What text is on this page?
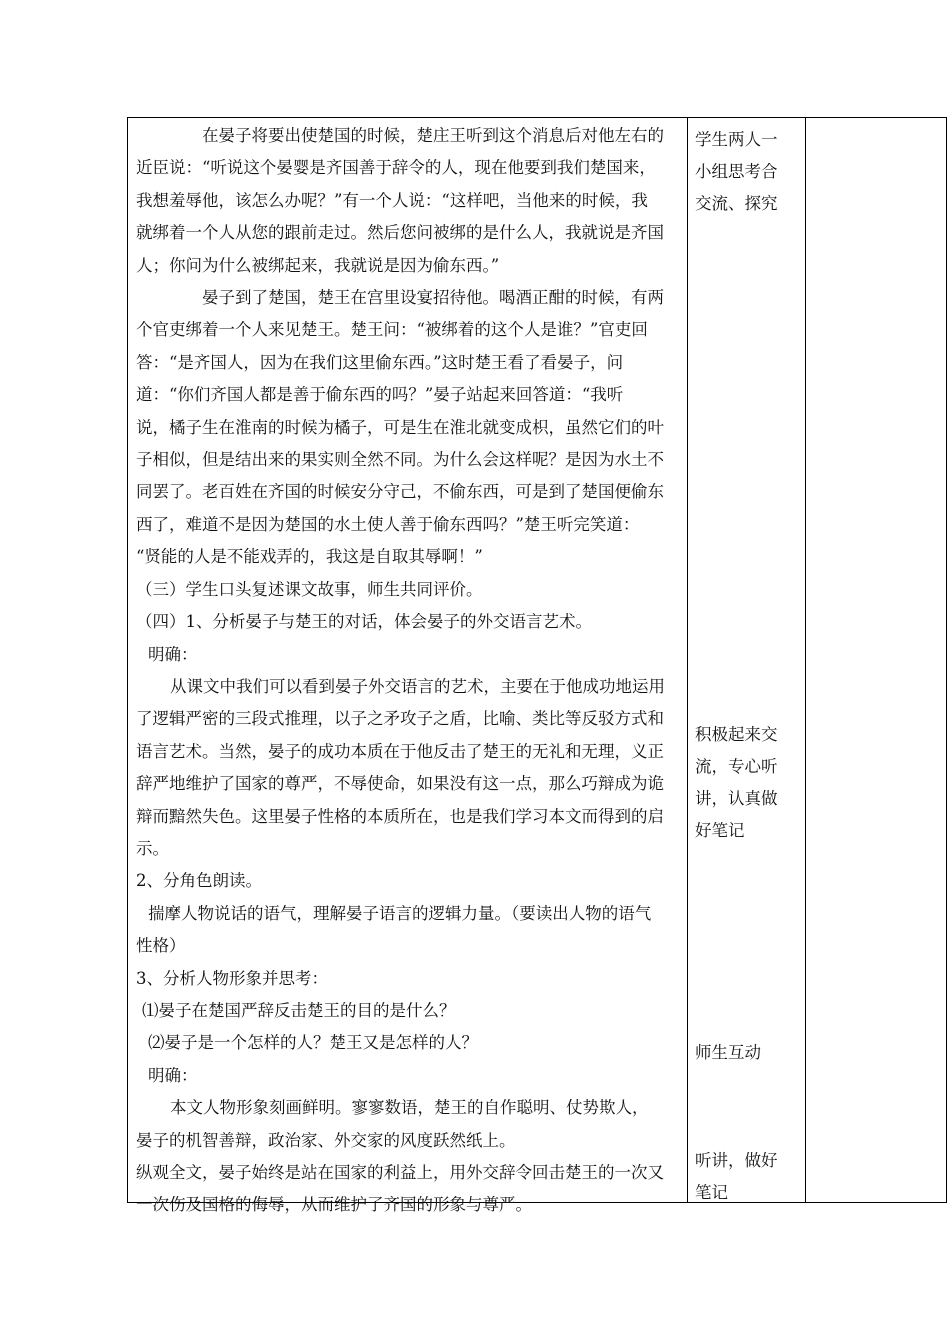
在晏子将要出使楚国的时候，楚庄王听到这个消息后对他左右的

近臣说：“听说这个晏婴是齐国善于辞令的人，现在他要到我们楚国来，

我想羞辱他，该怎么办呢？”有一个人说：“这样吧，当他来的时候，我

就绑着一个人从您的跟前走过。然后您问被绑的是什么人，我就说是齐国

人；你问为什么被绑起来，我就说是因为偷东西。”

晏子到了楚国，楚王在宫里设宴招待他。喝酒正酣的时候，有两

个官吏绑着一个人来见楚王。楚王问：“被绑着的这个人是谁？”官吏回

答：“是齐国人，因为在我们这里偷东西。”这时楚王看了看晏子，问

道：“你们齐国人都是善于偷东西的吗？”晏子站起来回答道：“我听

说，橘子生在淮南的时候为橘子，可是生在淮北就变成枳，虽然它们的叶

子相似，但是结出来的果实则全然不同。为什么会这样呢？是因为水土不

同罢了。老百姓在齐国的时候安分守己，不偷东西，可是到了楚国便偷东

西了，难道不是因为楚国的水土使人善于偷东西吗？”楚王听完笑道：

“贤能的人是不能戏弄的，我这是自取其辱啊！”

（三）学生口头复述课文故事，师生共同评价。

（四）1、分析晏子与楚王的对话，体会晏子的外交语言艺术。

明确：

从课文中我们可以看到晏子外交语言的艺术，主要在于他成功地运用

了逻辑严密的三段式推理，以子之矛攻子之盾，比喻、类比等反驳方式和

语言艺术。当然，晏子的成功本质在于他反击了楚王的无礼和无理，义正

辞严地维护了国家的尊严，不辱使命，如果没有这一点，那么巧辩成为诡

辩而黯然失色。这里晏子性格的本质所在，也是我们学习本文而得到的启

示。

2、分角色朗读。

揣摩人物说话的语气，理解晏子语言的逻辑力量。（要读出人物的语气

性格）

3、分析人物形象并思考：

⑴晏子在楚国严辞反击楚王的目的是什么？

⑵晏子是一个怎样的人？楚王又是怎样的人？

明确：

本文人物形象刻画鲜明。寥寥数语，楚王的自作聪明、仗势欺人，

晏子的机智善辩，政治家、外交家的风度跃然纸上。

纵观全文，晏子始终是站在国家的利益上，用外交辞令回击楚王的一次又

一次伤及国格的侮辱，从而维护了齐国的形象与尊严。

学生两人一

小组思考合

交流、探究

积极起来交

流，专心听

讲，认真做

好笔记

师生互动

听讲，做好

笔记
